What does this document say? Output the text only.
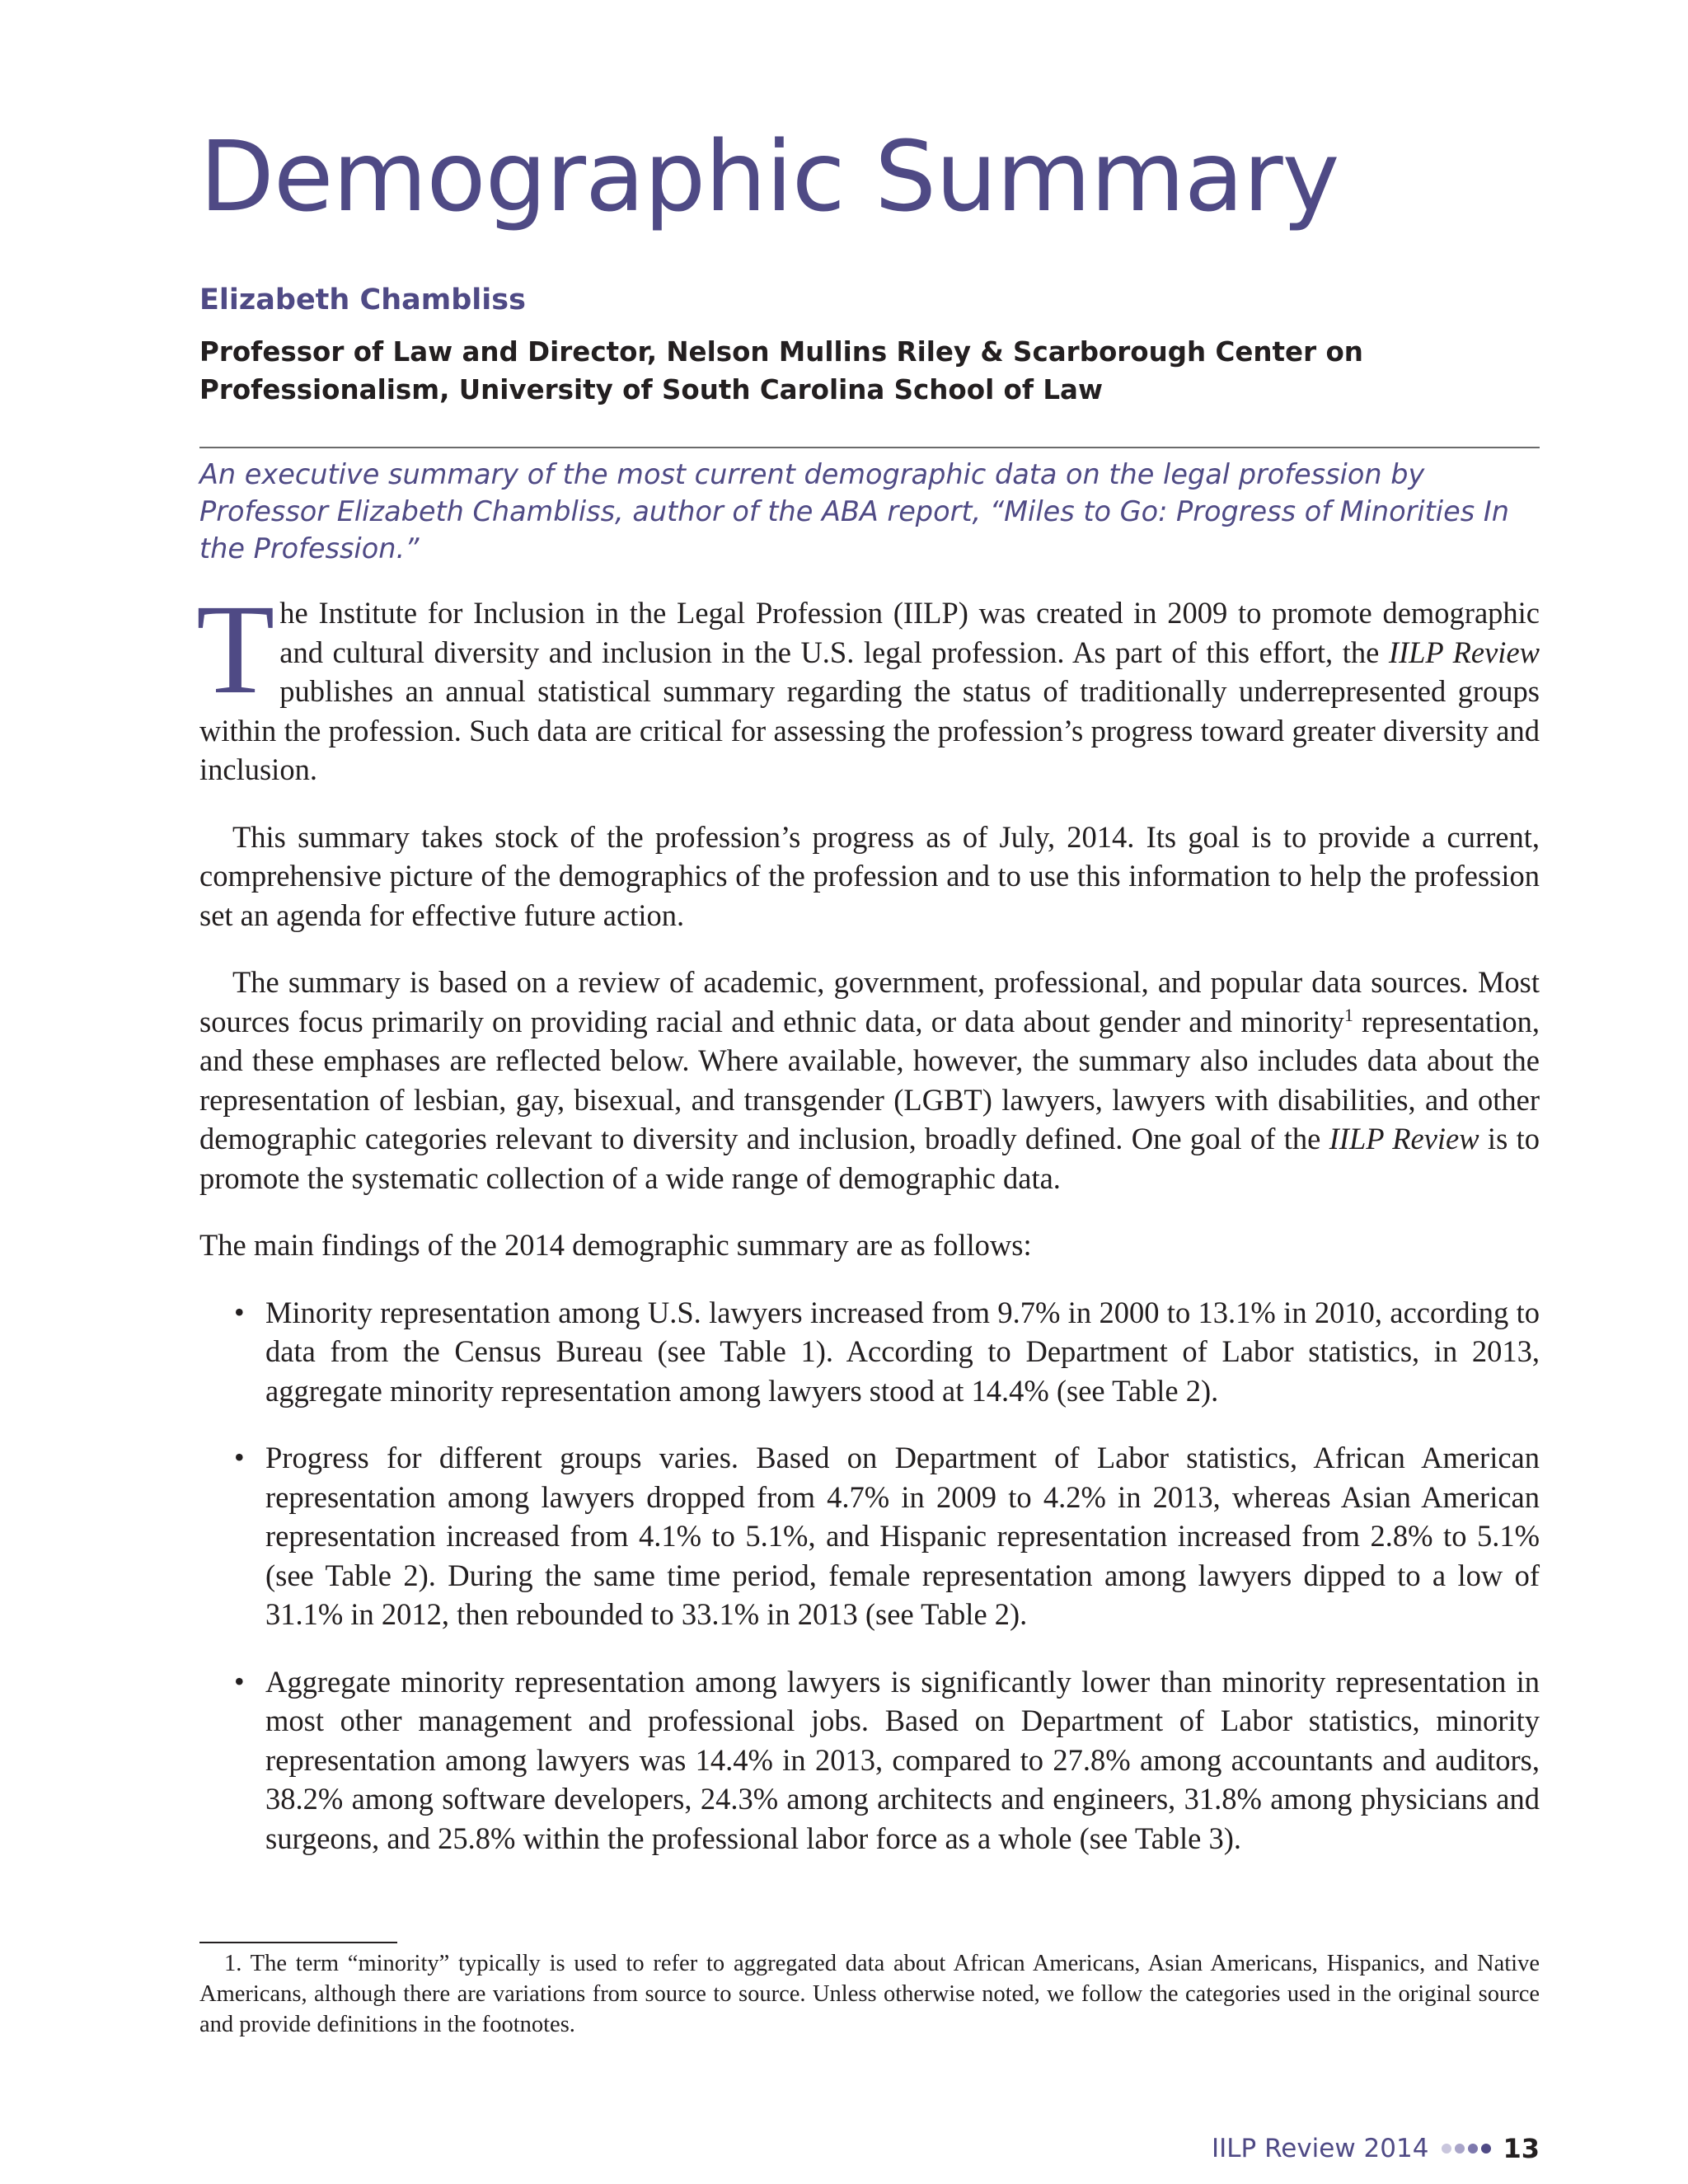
Demographic Summary
Elizabeth Chambliss
Professor of Law and Director, Nelson Mullins Riley & Scarborough Center on Professionalism, University of South Carolina School of Law
An executive summary of the most current demographic data on the legal profession by Professor Elizabeth Chambliss, author of the ABA report, “Miles to Go: Progress of Minorities In the Profession.”

The Institute for Inclusion in the Legal Profession (IILP) was created in 2009 to promote demographic and cultural diversity and inclusion in the U.S. legal profession. As part of this effort, the IILP Review publishes an annual statistical summary regarding the status of traditionally underrepresented groups within the profession. Such data are critical for assessing the profession’s progress toward greater diversity and inclusion.

This summary takes stock of the profession’s progress as of July, 2014. Its goal is to provide a current, comprehensive picture of the demographics of the profession and to use this information to help the profession set an agenda for effective future action.

The summary is based on a review of academic, government, professional, and popular data sources. Most sources focus primarily on providing racial and ethnic data, or data about gender and minority$^1$ representation, and these emphases are reflected below. Where available, however, the summary also includes data about the representation of lesbian, gay, bisexual, and transgender (LGBT) lawyers, lawyers with disabilities, and other demographic categories relevant to diversity and inclusion, broadly defined. One goal of the IILP Review is to promote the systematic collection of a wide range of demographic data.

The main findings of the 2014 demographic summary are as follows:

• Minority representation among U.S. lawyers increased from 9.7% in 2000 to 13.1% in 2010, according to data from the Census Bureau (see Table 1). According to Department of Labor statistics, in 2013, aggregate minority representation among lawyers stood at 14.4% (see Table 2).
• Progress for different groups varies. Based on Department of Labor statistics, African American representation among lawyers dropped from 4.7% in 2009 to 4.2% in 2013, whereas Asian American representation increased from 4.1% to 5.1%, and Hispanic representation increased from 2.8% to 5.1% (see Table 2). During the same time period, female representation among lawyers dipped to a low of 31.1% in 2012, then rebounded to 33.1% in 2013 (see Table 2).
• Aggregate minority representation among lawyers is significantly lower than minority representation in most other management and professional jobs. Based on Department of Labor statistics, minority representation among lawyers was 14.4% in 2013, compared to 27.8% among accountants and auditors, 38.2% among software developers, 24.3% among architects and engineers, 31.8% among physicians and surgeons, and 25.8% within the professional labor force as a whole (see Table 3).
1. The term “minority” typically is used to refer to aggregated data about African Americans, Asian Americans, Hispanics, and Native Americans, although there are variations from source to source. Unless otherwise noted, we follow the categories used in the original source and provide definitions in the footnotes.
IILP Review 2014	13
